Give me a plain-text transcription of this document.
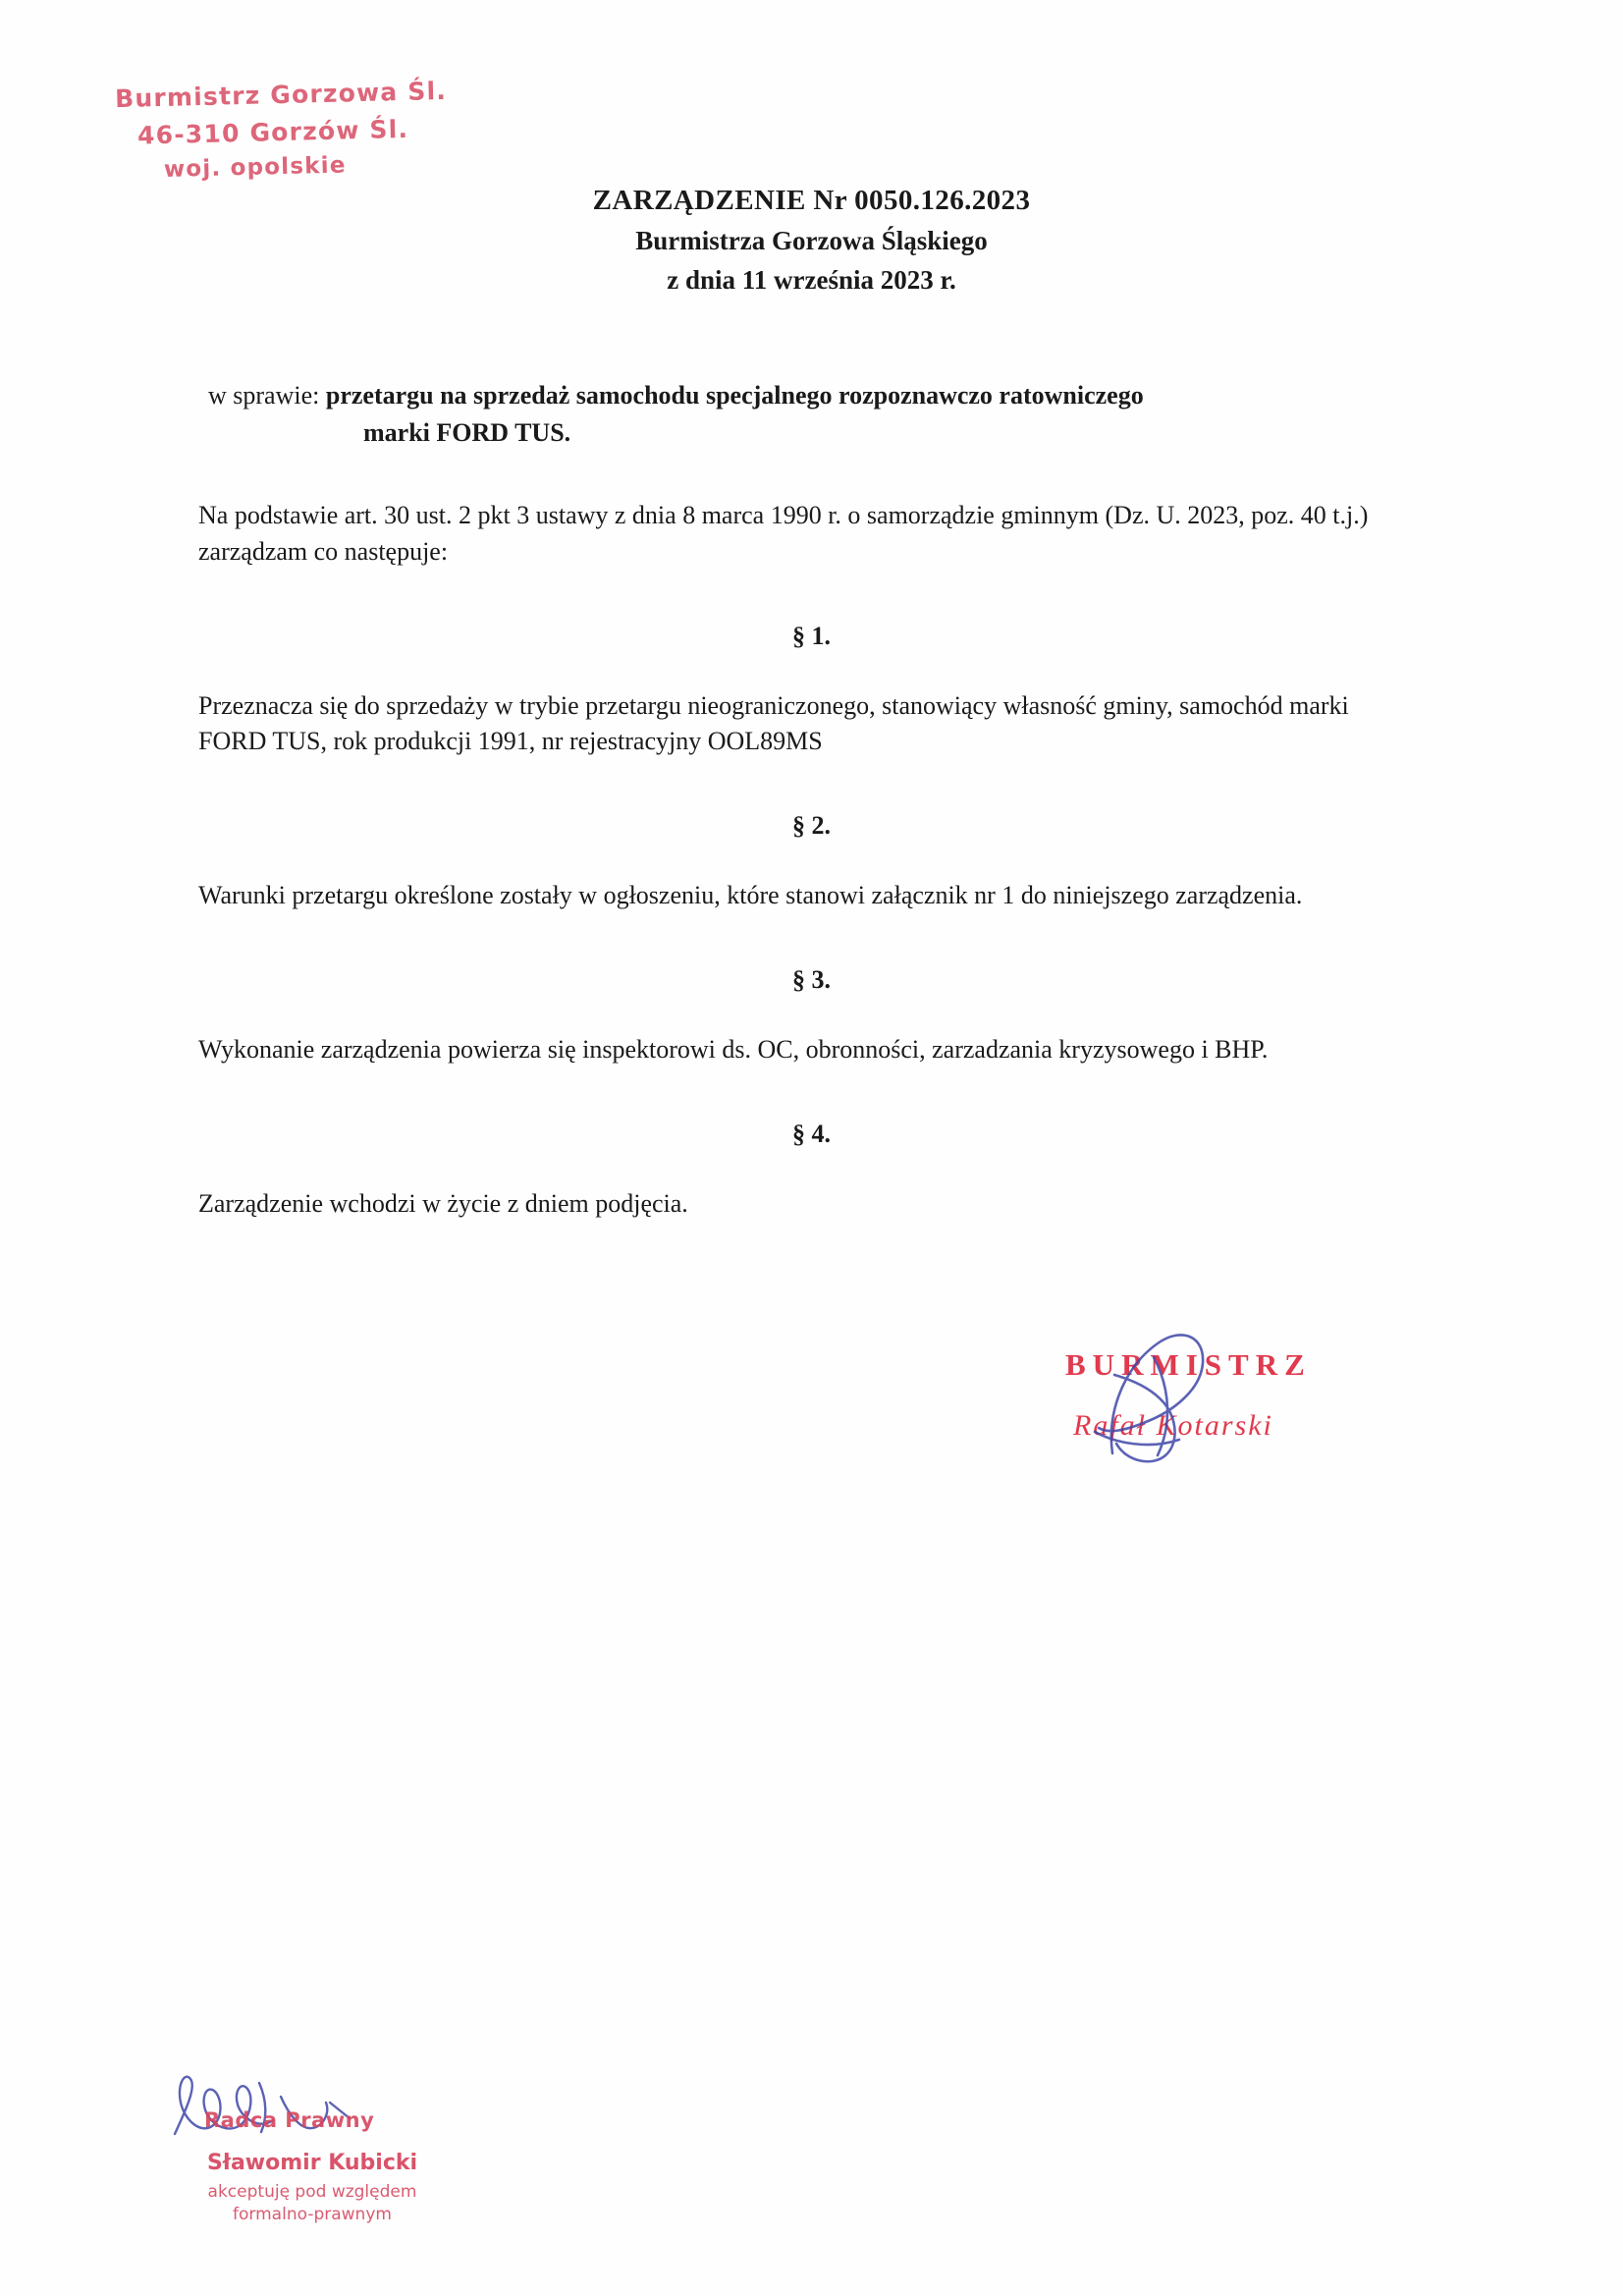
Burmistrz Gorzowa Śl.
46-310 Gorzów Śl.
woj. opolskie
ZARZĄDZENIE Nr 0050.126.2023
Burmistrza Gorzowa Śląskiego
z dnia 11 września 2023 r.
w sprawie: przetargu na sprzedaż samochodu specjalnego rozpoznawczo ratowniczego
marki FORD TUS.
Na podstawie art. 30 ust. 2 pkt 3 ustawy z dnia 8 marca 1990 r. o samorządzie gminnym (Dz. U. 2023, poz. 40 t.j.) zarządzam co następuje:
§ 1.
Przeznacza się do sprzedaży w trybie przetargu nieograniczonego, stanowiący własność gminy, samochód marki FORD TUS, rok produkcji 1991, nr rejestracyjny OOL89MS
§ 2.
Warunki przetargu określone zostały w ogłoszeniu, które stanowi załącznik nr 1 do niniejszego zarządzenia.
§ 3.
Wykonanie zarządzenia powierza się inspektorowi ds. OC, obronności, zarzadzania kryzysowego i BHP.
§ 4.
Zarządzenie wchodzi w życie z dniem podjęcia.
BURMISTRZ
Rafał Kotarski
Radca Prawny
Sławomir Kubicki
akceptuję pod względem
formalno-prawnym
